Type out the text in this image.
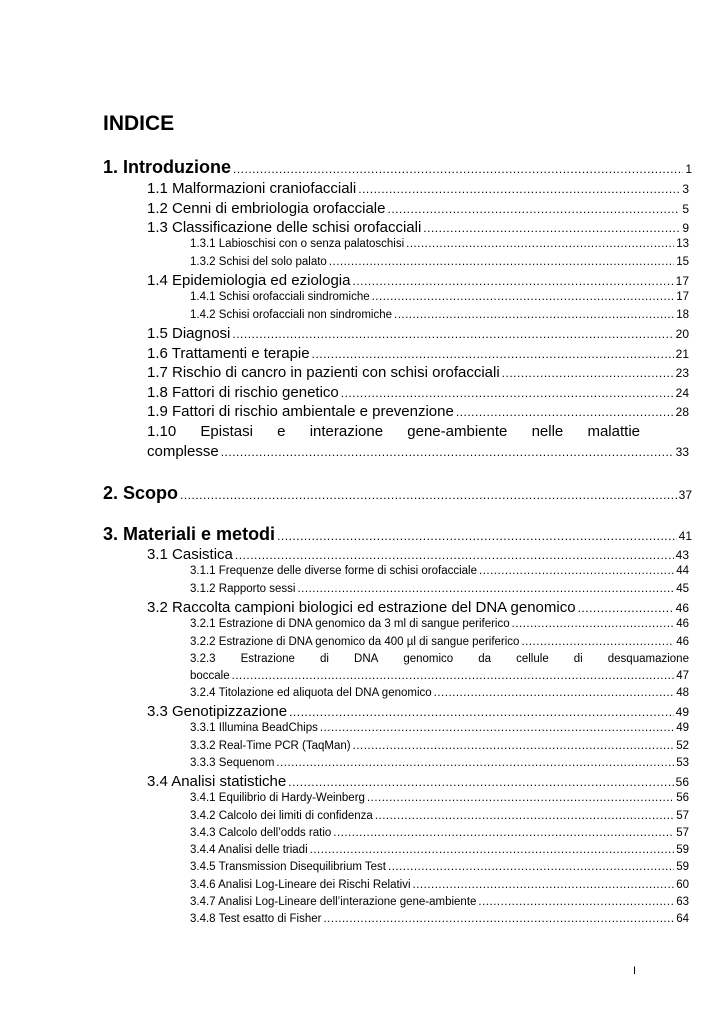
INDICE
1. Introduzione .....	1
1.1 Malformazioni craniofacciali .....	3
1.2 Cenni di embriologia orofacciale .....	5
1.3 Classificazione delle schisi orofacciali .....	9
1.3.1 Labioschisi con o senza palatoschisi .....	13
1.3.2 Schisi del solo palato .....	15
1.4 Epidemiologia ed eziologia .....	17
1.4.1 Schisi orofacciali sindromiche .....	17
1.4.2 Schisi orofacciali non sindromiche .....	18
1.5 Diagnosi .....	20
1.6 Trattamenti e terapie .....	21
1.7 Rischio di cancro in pazienti con schisi orofacciali .....	23
1.8 Fattori di rischio genetico .....	24
1.9 Fattori di rischio ambientale e prevenzione .....	28
1.10 Epistasi e interazione gene-ambiente nelle malattie
complesse .....	33
2. Scopo .....	37
3. Materiali e metodi .....	41
3.1 Casistica .....	43
3.1.1 Frequenze delle diverse forme di schisi orofacciale .....	44
3.1.2 Rapporto sessi .....	45
3.2 Raccolta campioni biologici ed estrazione del DNA genomico .....	46
3.2.1 Estrazione di DNA genomico da 3 ml di sangue periferico .....	46
3.2.2 Estrazione di DNA genomico da 400 µl di sangue periferico .....	46
3.2.3 Estrazione di DNA genomico da cellule di desquamazione
boccale .....	47
3.2.4 Titolazione ed aliquota del DNA genomico .....	48
3.3 Genotipizzazione .....	49
3.3.1 Illumina BeadChips .....	49
3.3.2 Real-Time PCR (TaqMan) .....	52
3.3.3 Sequenom .....	53
3.4 Analisi statistiche .....	56
3.4.1 Equilibrio di Hardy-Weinberg .....	56
3.4.2 Calcolo dei limiti di confidenza .....	57
3.4.3 Calcolo dell’odds ratio .....	57
3.4.4 Analisi delle triadi .....	59
3.4.5 Transmission Disequilibrium Test .....	59
3.4.6 Analisi Log-Lineare dei Rischi Relativi .....	60
3.4.7 Analisi Log-Lineare dell’interazione gene-ambiente .....	63
3.4.8 Test esatto di Fisher .....	64
I
